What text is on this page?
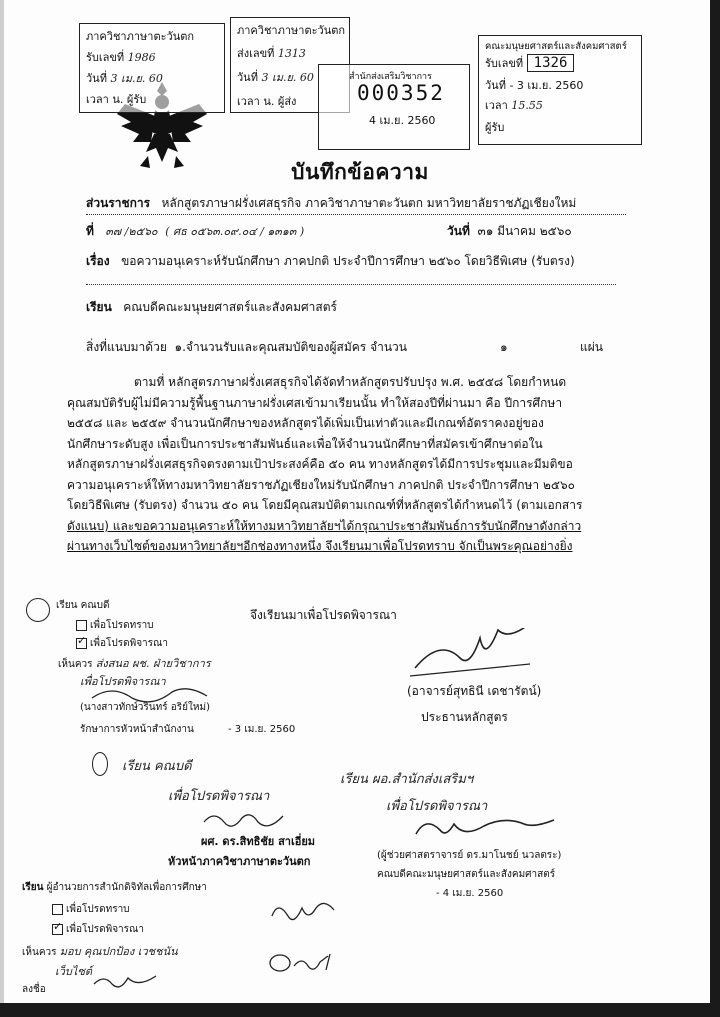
ภาควิชาภาษาตะวันตก
รับเลขที่ 1986
วันที่ 3 เม.ย. 60
เวลา น. ผู้รับ
ภาควิชาภาษาตะวันตก
ส่งเลขที่ 1313
วันที่ 3 เม.ย. 60
เวลา น. ผู้ส่ง
สำนักส่งเสริมวิชาการ
000352
4 เม.ย. 2560
คณะมนุษยศาสตร์และสังคมศาสตร์
รับเลขที่ 1326
วันที่ - 3 เม.ย. 2560
เวลา 15.55
ผู้รับ
บันทึกข้อความ
ส่วนราชการ หลักสูตรภาษาฝรั่งเศสธุรกิจ ภาควิชาภาษาตะวันตก มหาวิทยาลัยราชภัฏเชียงใหม่
ที่ ๓๗ /๒๕๖๐ ( ศธ ๐๕๖๓.๐๙.๐๔ / ๑๓๑๓ )	วันที่ ๓๑ มีนาคม ๒๕๖๐
เรื่อง ขอความอนุเคราะห์รับนักศึกษา ภาคปกติ ประจำปีการศึกษา ๒๕๖๐ โดยวิธีพิเศษ (รับตรง)
เรียน คณบดีคณะมนุษยศาสตร์และสังคมศาสตร์
สิ่งที่แนบมาด้วย ๑.จำนวนรับและคุณสมบัติของผู้สมัคร จำนวน	๑	แผ่น
ตามที่ หลักสูตรภาษาฝรั่งเศสธุรกิจได้จัดทำหลักสูตรปรับปรุง พ.ศ. ๒๕๕๘ โดยกำหนด
คุณสมบัติรับผู้ไม่มีความรู้พื้นฐานภาษาฝรั่งเศสเข้ามาเรียนนั้น ทำให้สองปีที่ผ่านมา คือ ปีการศึกษา
๒๕๕๘ และ ๒๕๕๙ จำนวนนักศึกษาของหลักสูตรได้เพิ่มเป็นเท่าตัวและมีเกณฑ์อัตราคงอยู่ของ
นักศึกษาระดับสูง เพื่อเป็นการประชาสัมพันธ์และเพื่อให้จำนวนนักศึกษาที่สมัครเข้าศึกษาต่อใน
หลักสูตรภาษาฝรั่งเศสธุรกิจตรงตามเป้าประสงค์คือ ๕๐ คน ทางหลักสูตรได้มีการประชุมและมีมติขอ
ความอนุเคราะห์ให้ทางมหาวิทยาลัยราชภัฏเชียงใหม่รับนักศึกษา ภาคปกติ ประจำปีการศึกษา ๒๕๖๐
โดยวิธีพิเศษ (รับตรง) จำนวน ๕๐ คน โดยมีคุณสมบัติตามเกณฑ์ที่หลักสูตรได้กำหนดไว้ (ตามเอกสาร
ดังแนบ) และขอความอนุเคราะห์ให้ทางมหาวิทยาลัยฯได้กรุณาประชาสัมพันธ์การรับนักศึกษาดังกล่าว
ผ่านทางเว็บไซต์ของมหาวิทยาลัยฯอีกช่องทางหนึ่ง จึงเรียนมาเพื่อโปรดทราบ จักเป็นพระคุณอย่างยิ่ง
จึงเรียนมาเพื่อโปรดพิจารณา
(อาจารย์สุทธินี เดชารัตน์)
ประธานหลักสูตร
เรียน คณบดี
เพื่อโปรดทราบ
✓ เพื่อโปรดพิจารณา
เห็นควร ส่งสนอ ผช. ฝ่ายวิชาการ
เพื่อโปรดพิจารณา
(นางสาวทักษ์วรินทร์ อริย์ใหม่)
รักษาการหัวหน้าสำนักงาน	- 3 เม.ย. 2560
เรียน คณบดี
เพื่อโปรดพิจารณา
ผศ. ดร.สิทธิชัย สาเอี่ยม
หัวหน้าภาควิชาภาษาตะวันตก
เรียน ผอ.สำนักส่งเสริมฯ
เพื่อโปรดพิจารณา
(ผู้ช่วยศาสตราจารย์ ดร.มาโนชย์ นวลตระ)
คณบดีคณะมนุษยศาสตร์และสังคมศาสตร์
- 4 เม.ย. 2560
เรียน ผู้อำนวยการสำนักดิจิทัลเพื่อการศึกษา
เพื่อโปรดทราบ
✓ เพื่อโปรดพิจารณา
เห็นควร มอบ คุณปกป้อง เวชชนัน
เว็บไซต์
ลงชื่อ
